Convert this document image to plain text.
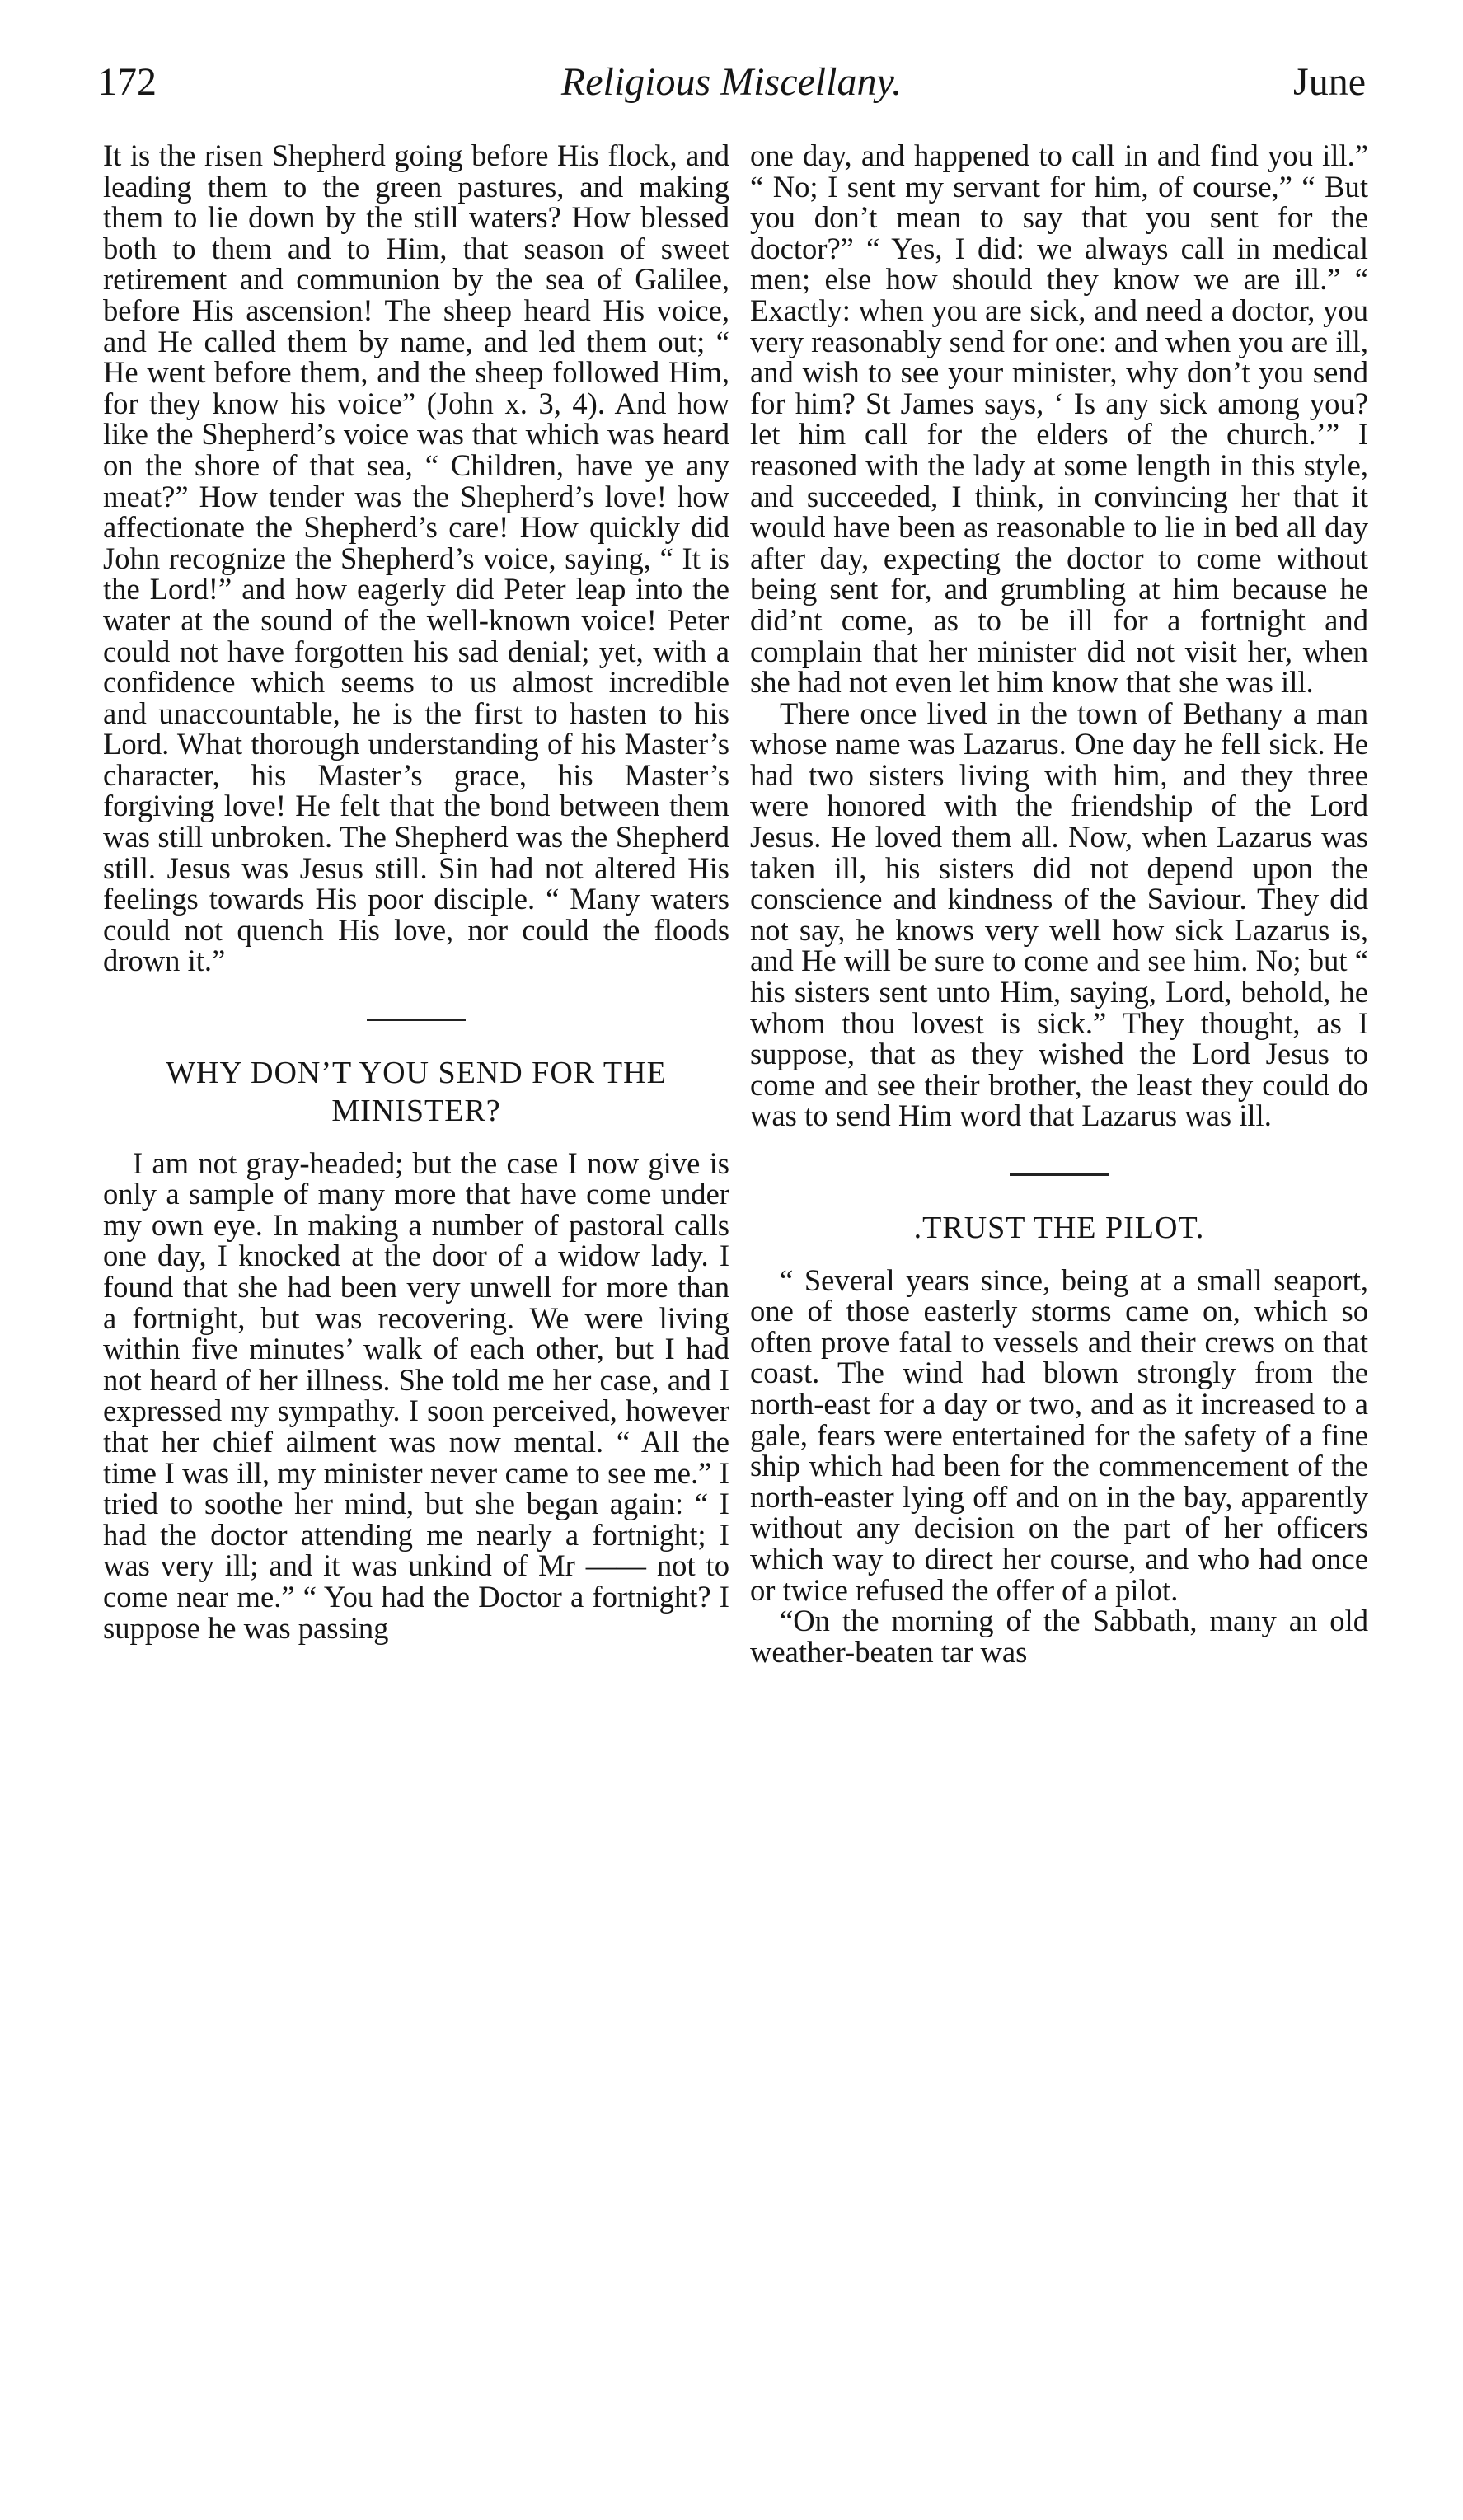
172	Religious Miscellany.	June

It is the risen Shepherd going before His flock, and leading them to the green pastures, and making them to lie down by the still waters? How blessed both to them and to Him, that season of sweet retirement and communion by the sea of Galilee, before His ascension! The sheep heard His voice, and He called them by name, and led them out; “ He went before them, and the sheep followed Him, for they know his voice” (John x. 3, 4). And how like the Shepherd’s voice was that which was heard on the shore of that sea, “ Children, have ye any meat?” How tender was the Shepherd’s love! how affectionate the Shepherd’s care! How quickly did John recognize the Shepherd’s voice, saying, “ It is the Lord!” and how eagerly did Peter leap into the water at the sound of the well-known voice! Peter could not have forgotten his sad denial; yet, with a confidence which seems to us almost incredible and unaccountable, he is the first to hasten to his Lord. What thorough understanding of his Master’s character, his Master’s grace, his Master’s forgiving love! He felt that the bond between them was still unbroken. The Shepherd was the Shepherd still. Jesus was Jesus still. Sin had not altered His feelings towards His poor disciple. “ Many waters could not quench His love, nor could the floods drown it.”

WHY DON’T YOU SEND FOR THE MINISTER?

I am not gray-headed; but the case I now give is only a sample of many more that have come under my own eye. In making a number of pastoral calls one day, I knocked at the door of a widow lady. I found that she had been very unwell for more than a fortnight, but was recovering. We were living within five minutes’ walk of each other, but I had not heard of her illness. She told me her case, and I expressed my sympathy. I soon perceived, however that her chief ailment was now mental. “ All the time I was ill, my minister never came to see me.” I tried to soothe her mind, but she began again: “ I had the doctor attending me nearly a fortnight; I was very ill; and it was unkind of Mr —— not to come near me.” “ You had the Doctor a fortnight? I suppose he was passing

one day, and happened to call in and find you ill.” “ No; I sent my servant for him, of course,” “ But you don’t mean to say that you sent for the doctor?” “ Yes, I did: we always call in medical men; else how should they know we are ill.” “ Exactly: when you are sick, and need a doctor, you very reasonably send for one: and when you are ill, and wish to see your minister, why don’t you send for him? St James says, ‘ Is any sick among you? let him call for the elders of the church.’” I reasoned with the lady at some length in this style, and succeeded, I think, in convincing her that it would have been as reasonable to lie in bed all day after day, expecting the doctor to come without being sent for, and grumbling at him because he did’nt come, as to be ill for a fortnight and complain that her minister did not visit her, when she had not even let him know that she was ill.

There once lived in the town of Bethany a man whose name was Lazarus. One day he fell sick. He had two sisters living with him, and they three were honored with the friendship of the Lord Jesus. He loved them all. Now, when Lazarus was taken ill, his sisters did not depend upon the conscience and kindness of the Saviour. They did not say, he knows very well how sick Lazarus is, and He will be sure to come and see him. No; but “ his sisters sent unto Him, saying, Lord, behold, he whom thou lovest is sick.” They thought, as I suppose, that as they wished the Lord Jesus to come and see their brother, the least they could do was to send Him word that Lazarus was ill.

.TRUST THE PILOT.

“ Several years since, being at a small seaport, one of those easterly storms came on, which so often prove fatal to vessels and their crews on that coast. The wind had blown strongly from the north-east for a day or two, and as it increased to a gale, fears were entertained for the safety of a fine ship which had been for the commencement of the north-easter lying off and on in the bay, apparently without any decision on the part of her officers which way to direct her course, and who had once or twice refused the offer of a pilot.

“On the morning of the Sabbath, many an old weather-beaten tar was
